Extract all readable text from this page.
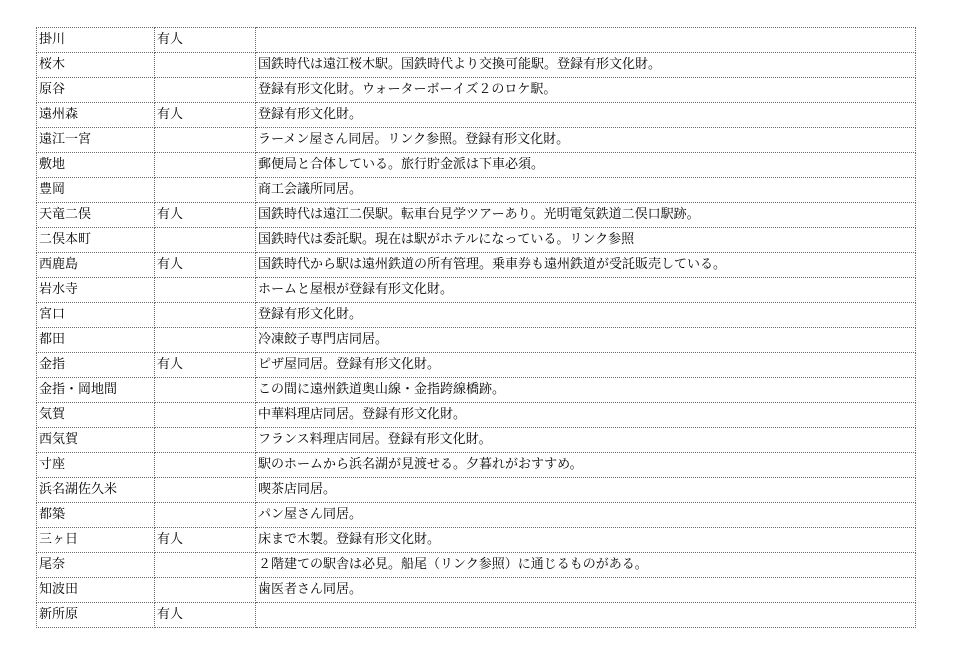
掛川	有人	
桜木		国鉄時代は遠江桜木駅。国鉄時代より交換可能駅。登録有形文化財。
原谷		登録有形文化財。ウォーターボーイズ２のロケ駅。
遠州森	有人	登録有形文化財。
遠江一宮		ラーメン屋さん同居。リンク参照。登録有形文化財。
敷地		郵便局と合体している。旅行貯金派は下車必須。
豊岡		商工会議所同居。
天竜二俣	有人	国鉄時代は遠江二俣駅。転車台見学ツアーあり。光明電気鉄道二俣口駅跡。
二俣本町		国鉄時代は委託駅。現在は駅がホテルになっている。リンク参照
西鹿島	有人	国鉄時代から駅は遠州鉄道の所有管理。乗車券も遠州鉄道が受託販売している。
岩水寺		ホームと屋根が登録有形文化財。
宮口		登録有形文化財。
都田		冷凍餃子専門店同居。
金指	有人	ピザ屋同居。登録有形文化財。
金指・岡地間		この間に遠州鉄道奥山線・金指跨線橋跡。
気賀		中華料理店同居。登録有形文化財。
西気賀		フランス料理店同居。登録有形文化財。
寸座		駅のホームから浜名湖が見渡せる。夕暮れがおすすめ。
浜名湖佐久米		喫茶店同居。
都築		パン屋さん同居。
三ヶ日	有人	床まで木製。登録有形文化財。
尾奈		２階建ての駅舎は必見。船尾（リンク参照）に通じるものがある。
知波田		歯医者さん同居。
新所原	有人	
